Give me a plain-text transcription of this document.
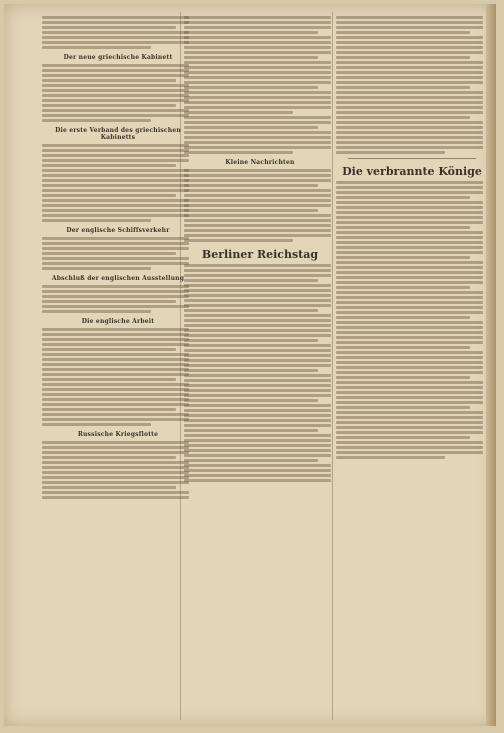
Der neue griechische Kabinett
Die erste Verband des griechischen Kabinetts
Der englische Schiffsverkehr
Abschluß der englischen Ausstellung
Die englische Arbeit
Russische Kriegsflotte
Kleine Nachrichten
Berliner Reichstag
Die verbrannte Könige
